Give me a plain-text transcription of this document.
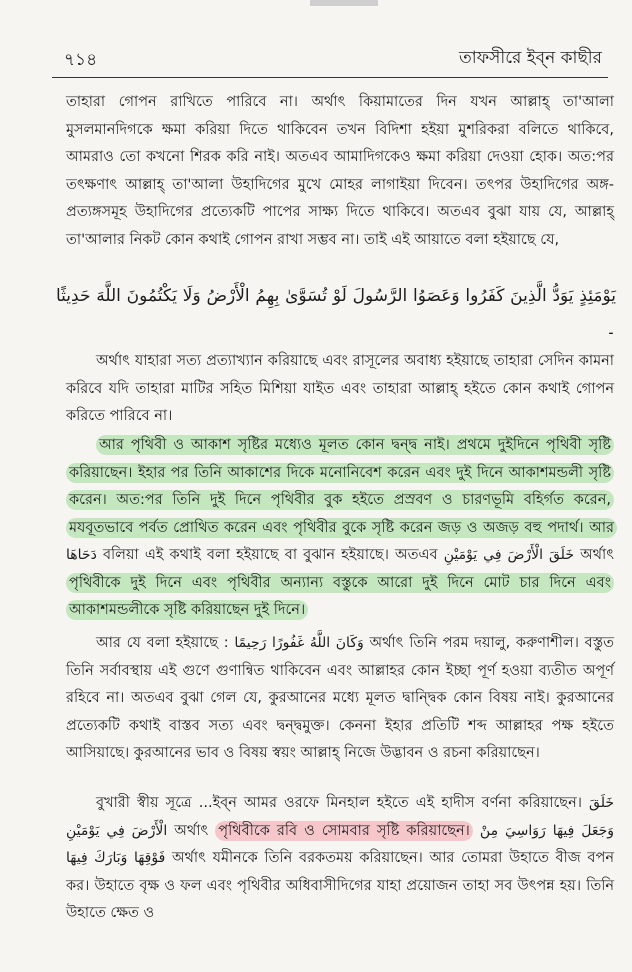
৭১৪	তাফসীরে ইব্‌ন কাছীর

তাহারা গোপন রাখিতে পারিবে না। অর্থাৎ কিয়ামাতের দিন যখন আল্লাহ্‌ তা'আলা মুসলমানদিগকে ক্ষমা করিয়া দিতে থাকিবেন তখন বিদিশা হইয়া মুশরিকরা বলিতে থাকিবে, আমরাও তো কখনো শিরক করি নাই। অতএব আমাদিগকেও ক্ষমা করিয়া দেওয়া হোক। অত:পর তৎক্ষণাৎ আল্লাহ্‌ তা'আলা উহাদিগের মুখে মোহর লাগাইয়া দিবেন। তৎপর উহাদিগের অঙ্গ-প্রত্যঙ্গসমূহ উহাদিগের প্রত্যেকটি পাপের সাক্ষ্য দিতে থাকিবে। অতএব বুঝা যায় যে, আল্লাহ্‌ তা'আলার নিকট কোন কথাই গোপন রাখা সম্ভব না। তাই এই আয়াতে বলা হইয়াছে যে,

يَوْمَئِذٍ يَوَدُّ الَّذِينَ كَفَرُوا وَعَصَوُا الرَّسُولَ لَوْ تُسَوَّىٰ بِهِمُ الْأَرْضُ وَلَا يَكْتُمُونَ اللَّهَ حَدِيثًا ۔

অর্থাৎ যাহারা সত্য প্রত্যাখ্যান করিয়াছে এবং রাসূলের অবাধ্য হইয়াছে তাহারা সেদিন কামনা করিবে যদি তাহারা মাটির সহিত মিশিয়া যাইত এবং তাহারা আল্লাহ্‌ হইতে কোন কথাই গোপন করিতে পারিবে না।

আর পৃথিবী ও আকাশ সৃষ্টির মধ্যেও মূলত কোন দ্বন্দ্ব নাই। প্রথমে দুইদিনে পৃথিবী সৃষ্টি করিয়াছেন। ইহার পর তিনি আকাশের দিকে মনোনিবেশ করেন এবং দুই দিনে আকাশমন্ডলী সৃষ্টি করেন। অত:পর তিনি দুই দিনে পৃথিবীর বুক হইতে প্রস্রবণ ও চারণভূমি বহির্গত করেন, মযবূতভাবে পর্বত প্রোথিত করেন এবং পৃথিবীর বুকে সৃষ্টি করেন জড় ও অজড় বহু পদার্থ। আর دَحَاهَا বলিয়া এই কথাই বলা হইয়াছে বা বুঝান হইয়াছে। অতএব خَلَقَ الْأَرْضَ فِي يَوْمَيْنِ অর্থাৎ পৃথিবীকে দুই দিনে এবং পৃথিবীর অন্যান্য বস্তুকে আরো দুই দিনে মোট চার দিনে এবং আকাশমন্ডলীকে সৃষ্টি করিয়াছেন দুই দিনে।

আর যে বলা হইয়াছে : وَكَانَ اللَّهُ غَفُورًا رَحِيمًا অর্থাৎ তিনি পরম দয়ালু, করুণাশীল। বস্তুত তিনি সর্বাবস্থায় এই গুণে গুণান্বিত থাকিবেন এবং আল্লাহর কোন ইচ্ছা পূর্ণ হওয়া ব্যতীত অপূর্ণ রহিবে না। অতএব বুঝা গেল যে, কুরআনের মধ্যে মূলত দ্বান্দ্বিক কোন বিষয় নাই। কুরআনের প্রত্যেকটি কথাই বাস্তব সত্য এবং দ্বন্দ্বমুক্ত। কেননা ইহার প্রতিটি শব্দ আল্লাহর পক্ষ হইতে আসিয়াছে। কুরআনের ভাব ও বিষয় স্বয়ং আল্লাহ্‌ নিজে উদ্ভাবন ও রচনা করিয়াছেন।

বুখারী স্বীয় সূত্রে ...ইব্‌ন আমর ওরফে মিনহাল হইতে এই হাদীস বর্ণনা করিয়াছেন। خَلَقَ الْأَرْضَ فِي يَوْمَيْنِ অর্থাৎ পৃথিবীকে রবি ও সোমবার সৃষ্টি করিয়াছেন। وَجَعَلَ فِيهَا رَوَاسِيَ مِنْ فَوْقِهَا وَبَارَكَ فِيهَا অর্থাৎ যমীনকে তিনি বরকতময় করিয়াছেন। আর তোমরা উহাতে বীজ বপন কর। উহাতে বৃক্ষ ও ফল এবং পৃথিবীর অধিবাসীদিগের যাহা প্রয়োজন তাহা সব উৎপন্ন হয়। তিনি উহাতে ক্ষেত ও
